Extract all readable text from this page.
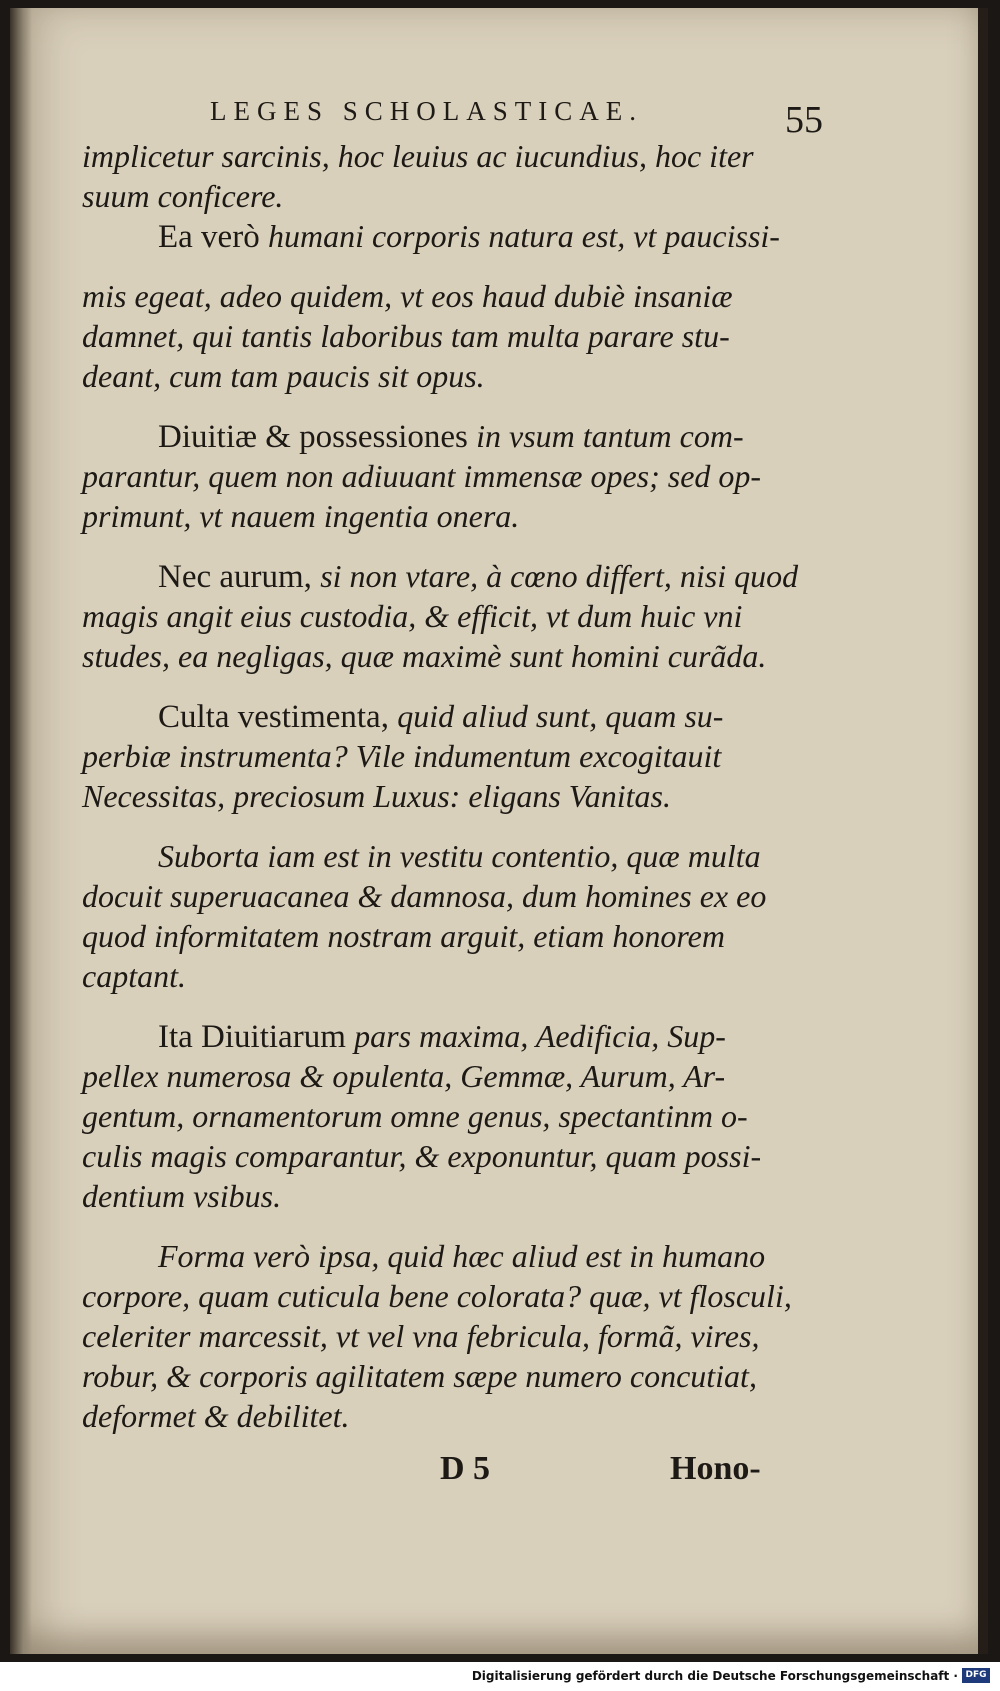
LEGES SCHOLASTICAE.	55
implicetur sarcinis, hoc leuius ac iucundius, hoc iter
suum conficere.
Ea verò humani corporis natura est, vt paucissi-
mis egeat, adeo quidem, vt eos haud dubiè insaniæ
damnet, qui tantis laboribus tam multa parare stu-
deant, cum tam paucis sit opus.
Diuitiæ & possessiones in vsum tantum com-
parantur, quem non adiuuant immensæ opes; sed op-
primunt, vt nauem ingentia onera.
Nec aurum, si non vtare, à cœno differt, nisi quod
magis angit eius custodia, & efficit, vt dum huic vni
studes, ea negligas, quæ maximè sunt homini curãda.
Culta vestimenta, quid aliud sunt, quam su-
perbiæ instrumenta? Vile indumentum excogitauit
Necessitas, preciosum Luxus: eligans Vanitas.
Suborta iam est in vestitu contentio, quæ multa
docuit superuacanea & damnosa, dum homines ex eo
quod informitatem nostram arguit, etiam honorem
captant.
Ita Diuitiarum pars maxima, Aedificia, Sup-
pellex numerosa & opulenta, Gemmæ, Aurum, Ar-
gentum, ornamentorum omne genus, spectantinm o-
culis magis comparantur, & exponuntur, quam possi-
dentium vsibus.
Forma verò ipsa, quid hæc aliud est in humano
corpore, quam cuticula bene colorata? quæ, vt flosculi,
celeriter marcessit, vt vel vna febricula, formã, vires,
robur, & corporis agilitatem sæpe numero concutiat,
deformet & debilitet.
D 5	Hono-
Digitalisierung gefördert durch die Deutsche Forschungsgemeinschaft · DFG
